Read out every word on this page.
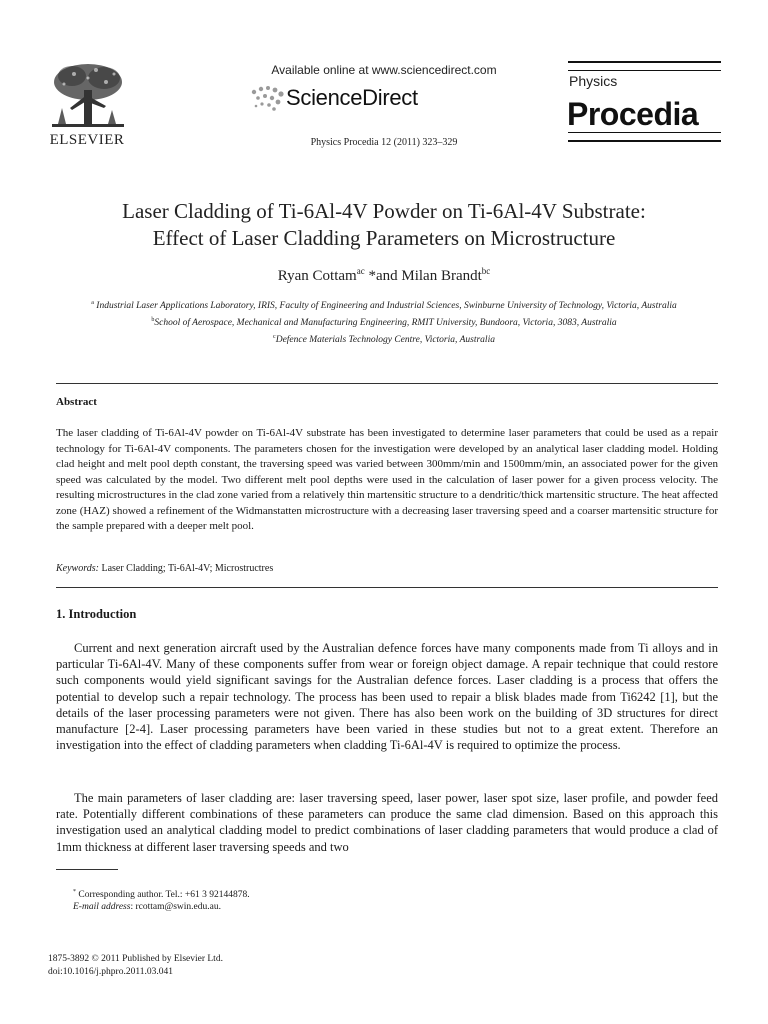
ELSEVIER
Available online at www.sciencedirect.com
ScienceDirect
Physics Procedia 12 (2011) 323–329
Physics
Procedia
Laser Cladding of Ti-6Al-4V Powder on Ti-6Al-4V Substrate:
Effect of Laser Cladding Parameters on Microstructure
Ryan Cottam$^{ac}$ *and Milan Brandt$^{bc}$
$^a$ Industrial Laser Applications Laboratory, IRIS, Faculty of Engineering and Industrial Sciences, Swinburne University of Technology, Victoria, Australia
$^b$School of Aerospace, Mechanical and Manufacturing Engineering, RMIT University, Bundoora, Victoria, 3083, Australia
$^c$Defence Materials Technology Centre, Victoria, Australia
Abstract
The laser cladding of Ti-6Al-4V powder on Ti-6Al-4V substrate has been investigated to determine laser parameters that could be used as a repair technology for Ti-6Al-4V components. The parameters chosen for the investigation were developed by an analytical laser cladding model. Holding clad height and melt pool depth constant, the traversing speed was varied between 300mm/min and 1500mm/min, an associated power for the given speed was calculated by the model. Two different melt pool depths were used in the calculation of laser power for a given process velocity. The resulting microstructures in the clad zone varied from a relatively thin martensitic structure to a dendritic/thick martensitic structure. The heat affected zone (HAZ) showed a refinement of the Widmanstatten microstructure with a decreasing laser traversing speed and a coarser martensitic structure for the sample prepared with a deeper melt pool.
Keywords: Laser Cladding; Ti-6Al-4V; Microstructres
1. Introduction
Current and next generation aircraft used by the Australian defence forces have many components made from Ti alloys and in particular Ti-6Al-4V. Many of these components suffer from wear or foreign object damage. A repair technique that could restore such components would yield significant savings for the Australian defence forces. Laser cladding is a process that offers the potential to develop such a repair technology. The process has been used to repair a blisk blades made from Ti6242 [1], but the details of the laser processing parameters were not given. There has also been work on the building of 3D structures for direct manufacture [2-4]. Laser processing parameters have been varied in these studies but not to a great extent. Therefore an investigation into the effect of cladding parameters when cladding Ti-6Al-4V is required to optimize the process.
The main parameters of laser cladding are: laser traversing speed, laser power, laser spot size, laser profile, and powder feed rate. Potentially different combinations of these parameters can produce the same clad dimension. Based on this approach this investigation used an analytical cladding model to predict combinations of laser cladding parameters that would produce a clad of 1mm thickness at different laser traversing speeds and two
* Corresponding author. Tel.: +61 3 92144878.
E-mail address: rcottam@swin.edu.au.
1875-3892 © 2011 Published by Elsevier Ltd.
doi:10.1016/j.phpro.2011.03.041
